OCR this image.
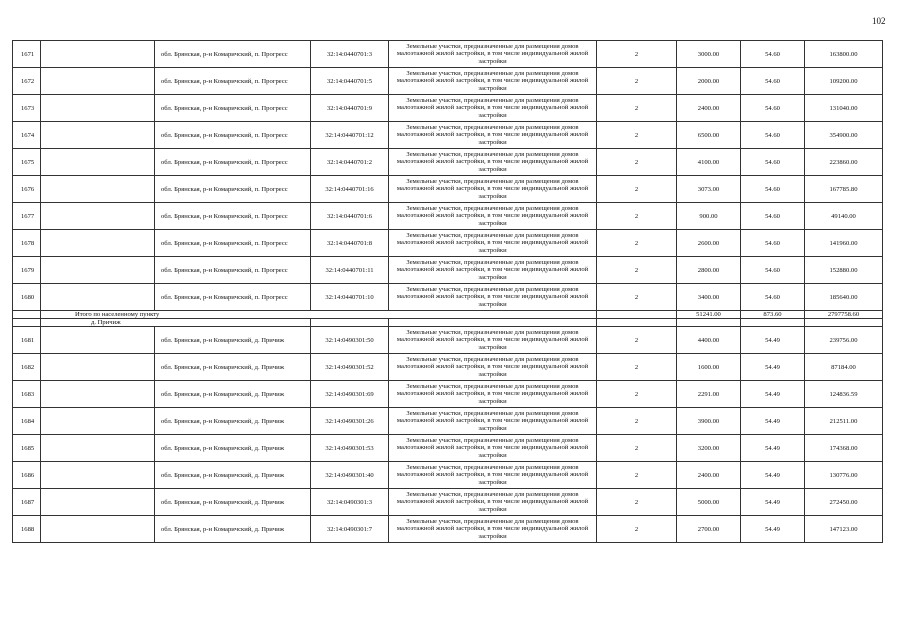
102
1671		обл. Брянская, р-н Комаричский, п. Прогресс	32:14:0440701:3	Земельные участки, предназначенные для размещения домов малоэтажной жилой застройки, в том числе индивидуальной жилой застройки	2	3000.00	54.60	163800.00
1672		обл. Брянская, р-н Комаричский, п. Прогресс	32:14:0440701:5	Земельные участки, предназначенные для размещения домов малоэтажной жилой застройки, в том числе индивидуальной жилой застройки	2	2000.00	54.60	109200.00
1673		обл. Брянская, р-н Комаричский, п. Прогресс	32:14:0440701:9	Земельные участки, предназначенные для размещения домов малоэтажной жилой застройки, в том числе индивидуальной жилой застройки	2	2400.00	54.60	131040.00
1674		обл. Брянская, р-н Комаричский, п. Прогресс	32:14:0440701:12	Земельные участки, предназначенные для размещения домов малоэтажной жилой застройки, в том числе индивидуальной жилой застройки	2	6500.00	54.60	354900.00
1675		обл. Брянская, р-н Комаричский, п. Прогресс	32:14:0440701:2	Земельные участки, предназначенные для размещения домов малоэтажной жилой застройки, в том числе индивидуальной жилой застройки	2	4100.00	54.60	223860.00
1676		обл. Брянская, р-н Комаричский, п. Прогресс	32:14:0440701:16	Земельные участки, предназначенные для размещения домов малоэтажной жилой застройки, в том числе индивидуальной жилой застройки	2	3073.00	54.60	167785.80
1677		обл. Брянская, р-н Комаричский, п. Прогресс	32:14:0440701:6	Земельные участки, предназначенные для размещения домов малоэтажной жилой застройки, в том числе индивидуальной жилой застройки	2	900.00	54.60	49140.00
1678		обл. Брянская, р-н Комаричский, п. Прогресс	32:14:0440701:8	Земельные участки, предназначенные для размещения домов малоэтажной жилой застройки, в том числе индивидуальной жилой застройки	2	2600.00	54.60	141960.00
1679		обл. Брянская, р-н Комаричский, п. Прогресс	32:14:0440701:11	Земельные участки, предназначенные для размещения домов малоэтажной жилой застройки, в том числе индивидуальной жилой застройки	2	2800.00	54.60	152880.00
1680		обл. Брянская, р-н Комаричский, п. Прогресс	32:14:0440701:10	Земельные участки, предназначенные для размещения домов малоэтажной жилой застройки, в том числе индивидуальной жилой застройки	2	3400.00	54.60	185640.00
	Итого по населенному пункту					51241.00	873.60	2797758.60
	д. Причиж							
1681		обл. Брянская, р-н Комаричский, д. Причиж	32:14:0490301:50	Земельные участки, предназначенные для размещения домов малоэтажной жилой застройки, в том числе индивидуальной жилой застройки	2	4400.00	54.49	239756.00
1682		обл. Брянская, р-н Комаричский, д. Причиж	32:14:0490301:52	Земельные участки, предназначенные для размещения домов малоэтажной жилой застройки, в том числе индивидуальной жилой застройки	2	1600.00	54.49	87184.00
1683		обл. Брянская, р-н Комаричский, д. Причиж	32:14:0490301:69	Земельные участки, предназначенные для размещения домов малоэтажной жилой застройки, в том числе индивидуальной жилой застройки	2	2291.00	54.49	124836.59
1684		обл. Брянская, р-н Комаричский, д. Причиж	32:14:0490301:26	Земельные участки, предназначенные для размещения домов малоэтажной жилой застройки, в том числе индивидуальной жилой застройки	2	3900.00	54.49	212511.00
1685		обл. Брянская, р-н Комаричский, д. Причиж	32:14:0490301:53	Земельные участки, предназначенные для размещения домов малоэтажной жилой застройки, в том числе индивидуальной жилой застройки	2	3200.00	54.49	174368.00
1686		обл. Брянская, р-н Комаричский, д. Причиж	32:14:0490301:40	Земельные участки, предназначенные для размещения домов малоэтажной жилой застройки, в том числе индивидуальной жилой застройки	2	2400.00	54.49	130776.00
1687		обл. Брянская, р-н Комаричский, д. Причиж	32:14:0490301:3	Земельные участки, предназначенные для размещения домов малоэтажной жилой застройки, в том числе индивидуальной жилой застройки	2	5000.00	54.49	272450.00
1688		обл. Брянская, р-н Комаричский, д. Причиж	32:14:0490301:7	Земельные участки, предназначенные для размещения домов малоэтажной жилой застройки, в том числе индивидуальной жилой застройки	2	2700.00	54.49	147123.00
